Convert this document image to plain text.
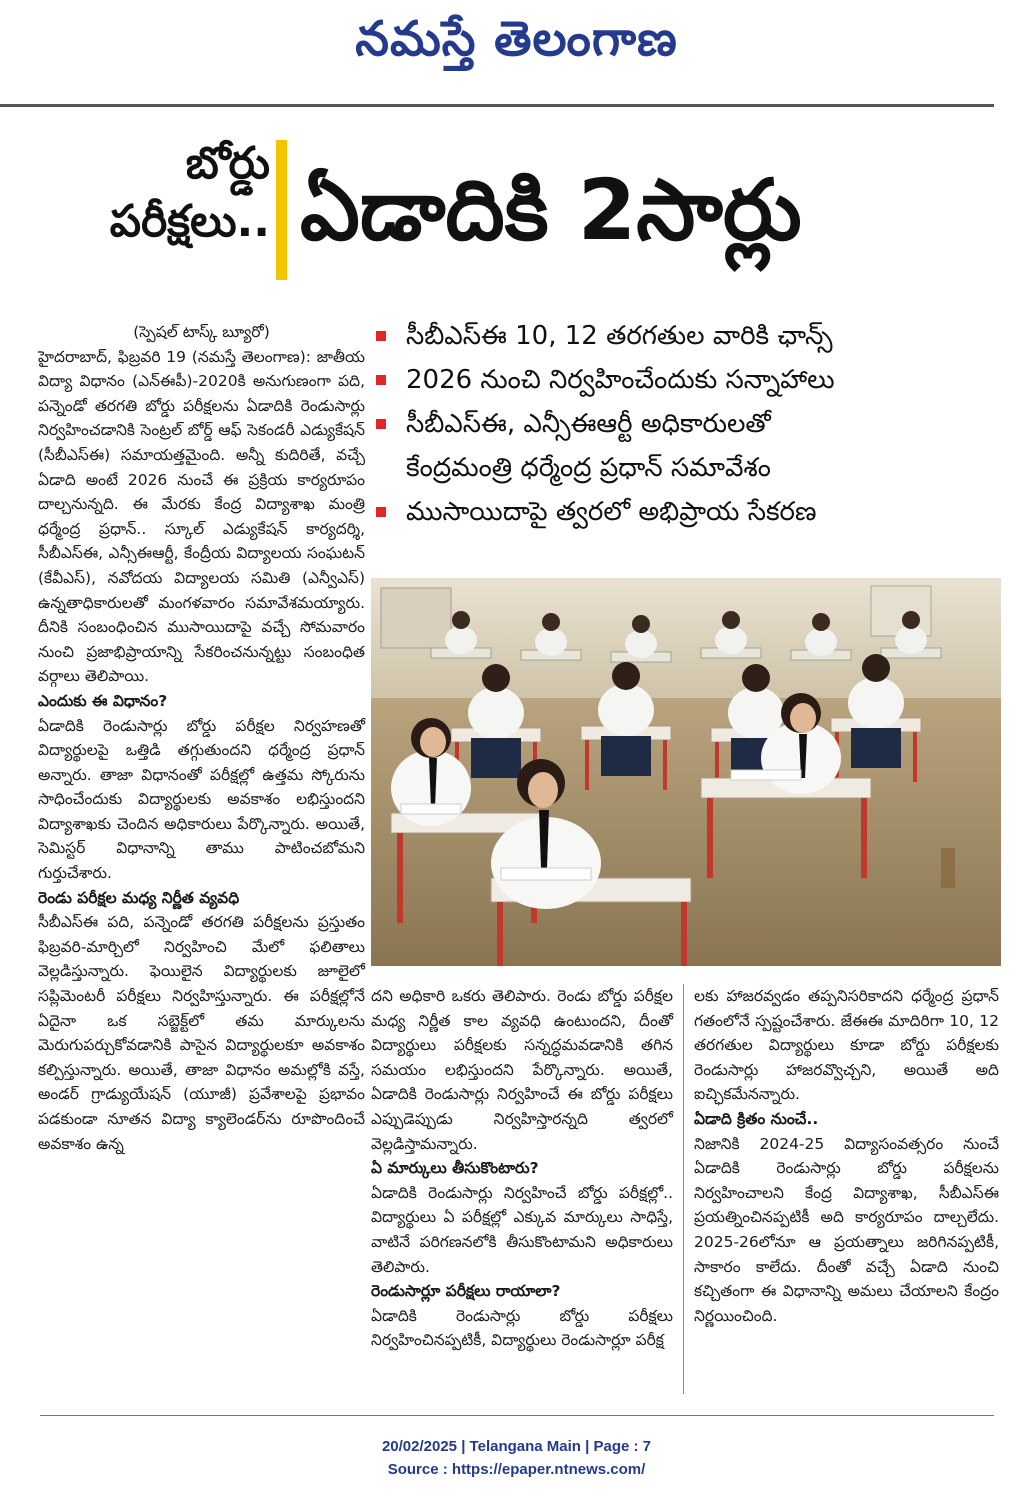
నమస్తే తెలంగాణ
బోర్డు
పరీక్షలు.. ఏడాదికి 2సార్లు
సీబీఎస్ఈ 10, 12 తరగతుల వారికి ఛాన్స్
2026 నుంచి నిర్వహించేందుకు సన్నాహాలు
సీబీఎస్ఈ, ఎన్సీఈఆర్టీ అధికారులతో
కేంద్రమంత్రి ధర్మేంద్ర ప్రధాన్ సమావేశం
ముసాయిదాపై త్వరలో అభిప్రాయ సేకరణ

(స్పెషల్ టాస్క్ బ్యూరో)

హైదరాబాద్, ఫిబ్రవరి 19 (నమస్తే తెలంగాణ): జాతీయ విద్యా విధానం (ఎన్ఈపీ)-2020కి అనుగుణంగా పది, పన్నెండో తరగతి బోర్డు పరీక్షలను ఏడాదికి రెండుసార్లు నిర్వహించడానికి సెంట్రల్ బోర్డ్ ఆఫ్ సెకండరీ ఎడ్యుకేషన్ (సీబీఎస్ఈ) సమాయత్తమైంది. అన్నీ కుదిరితే, వచ్చే ఏడాది అంటే 2026 నుంచే ఈ ప్రక్రియ కార్యరూపం దాల్చనున్నది. ఈ మేరకు కేంద్ర విద్యాశాఖ మంత్రి ధర్మేంద్ర ప్రధాన్.. స్కూల్ ఎడ్యుకేషన్ కార్యదర్శి, సీబీఎస్ఈ, ఎన్సీఈఆర్టీ, కేంద్రీయ విద్యాలయ సంఘటన్ (కేవీఎస్), నవోదయ విద్యాలయ సమితి (ఎన్వీఎస్) ఉన్నతాధికారులతో మంగళవారం సమావేశమయ్యారు. దీనికి సంబంధించిన ముసాయిదాపై వచ్చే సోమవారం నుంచి ప్రజాభిప్రాయాన్ని సేకరించనున్నట్టు సంబంధిత వర్గాలు తెలిపాయి.

ఎందుకు ఈ విధానం?

ఏడాదికి రెండుసార్లు బోర్డు పరీక్షల నిర్వహణతో విద్యార్థులపై ఒత్తిడి తగ్గుతుందని ధర్మేంద్ర ప్రధాన్ అన్నారు. తాజా విధానంతో పరీక్షల్లో ఉత్తమ స్కోరును సాధించేందుకు విద్యార్థులకు అవకాశం లభిస్తుందని విద్యాశాఖకు చెందిన అధికారులు పేర్కొన్నారు. అయితే, సెమిస్టర్ విధానాన్ని తాము పాటించబోమని గుర్తుచేశారు.

రెండు పరీక్షల మధ్య నిర్ణీత వ్యవధి

సీబీఎస్ఈ పది, పన్నెండో తరగతి పరీక్షలను ప్రస్తుతం ఫిబ్రవరి-మార్చిలో నిర్వహించి మేలో ఫలితాలు వెల్లడిస్తున్నారు. ఫెయిలైన విద్యార్థులకు జూలైలో సప్లిమెంటరీ పరీక్షలు నిర్వహిస్తున్నారు. ఈ పరీక్షల్లోనే ఏదైనా ఒక సబ్జెక్ట్‌లో తమ మార్కులను మెరుగుపర్చుకోవడానికి పాసైన విద్యార్థులకూ అవకాశం కల్పిస్తున్నారు. అయితే, తాజా విధానం అమల్లోకి వస్తే, అండర్ గ్రాడ్యుయేషన్ (యూజీ) ప్రవేశాలపై ప్రభావం పడకుండా నూతన విద్యా క్యాలెండర్‌ను రూపొందించే అవకాశం ఉన్న

దని అధికారి ఒకరు తెలిపారు. రెండు బోర్డు పరీక్షల మధ్య నిర్ణీత కాల వ్యవధి ఉంటుందని, దీంతో విద్యార్థులు పరీక్షలకు సన్నద్ధమవడానికి తగిన సమయం లభిస్తుందని పేర్కొన్నారు. అయితే, ఏడాదికి రెండుసార్లు నిర్వహించే ఈ బోర్డు పరీక్షలు ఎప్పుడెప్పుడు నిర్వహిస్తారన్నది త్వరలో వెల్లడిస్తామన్నారు.

ఏ మార్కులు తీసుకొంటారు?

ఏడాదికి రెండుసార్లు నిర్వహించే బోర్డు పరీక్షల్లో.. విద్యార్థులు ఏ పరీక్షల్లో ఎక్కువ మార్కులు సాధిస్తే, వాటినే పరిగణనలోకి తీసుకొంటామని అధికారులు తెలిపారు.

రెండుసార్లూ పరీక్షలు రాయాలా?

ఏడాదికి రెండుసార్లు బోర్డు పరీక్షలు నిర్వహించినప్పటికీ, విద్యార్థులు రెండుసార్లూ పరీక్ష

లకు హాజరవ్వడం తప్పనిసరికాదని ధర్మేంద్ర ప్రధాన్ గతంలోనే స్పష్టంచేశారు. జేఈఈ మాదిరిగా 10, 12 తరగతుల విద్యార్థులు కూడా బోర్డు పరీక్షలకు రెండుసార్లు హాజరవ్వొచ్చని, అయితే అది ఐచ్ఛికమేనన్నారు.

ఏడాది క్రితం నుంచే..

నిజానికి 2024-25 విద్యాసంవత్సరం నుంచే ఏడాదికి రెండుసార్లు బోర్డు పరీక్షలను నిర్వహించాలని కేంద్ర విద్యాశాఖ, సీబీఎస్ఈ ప్రయత్నించినప్పటికీ అది కార్యరూపం దాల్చలేదు. 2025-26లోనూ ఆ ప్రయత్నాలు జరిగినప్పటికీ, సాకారం కాలేదు. దీంతో వచ్చే ఏడాది నుంచి కచ్చితంగా ఈ విధానాన్ని అమలు చేయాలని కేంద్రం నిర్ణయించింది.

20/02/2025 | Telangana Main | Page : 7
Source : https://epaper.ntnews.com/
